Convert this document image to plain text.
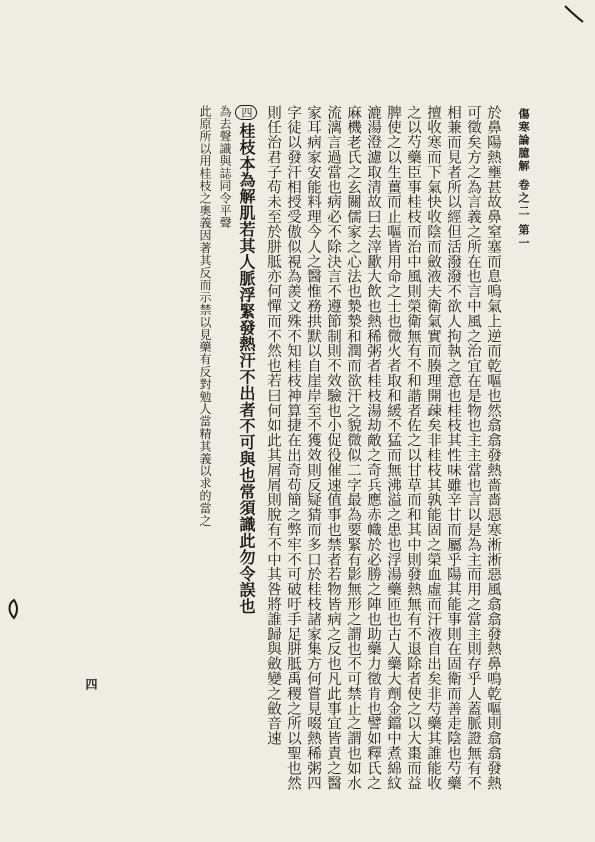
傷寒論臆解 卷之二 第一

於鼻陽熱壅甚故鼻窒塞而息鳴氣上逆而乾嘔也然翕翕發熱嗇嗇惡寒淅淅惡風翕翕發熱鼻鳴乾嘔則翕翕發熱可徵矣方之為言義之所在也言中風之治宜在是物也主主當也言以是為主而用之當主則存乎人蓋脈證無有不相兼而見者所以經但活潑潑不欲人拘執之意也桂枝其性味雖辛甘而屬乎陽其能事則在固衛而善走陰也芍藥擅收寒而下氣快收陰而斂液夫衛氣實而腠理開疎矣非桂枝其孰能固之榮血虛而汗液自出矣非芍藥其誰能收之以芍藥臣事桂枝而治中風則榮衛無有不和諧者佐之以甘草而和其中則發熱無有不退除者使之以大棗而益脾使之以生薑而止嘔皆用命之士也微火者取和緩不猛而無沸溢之患也浮湯藥匝也古人藥大劑金鐺中煮綿紋漉湯澄濾取清故曰去滓歠大飲也熱稀粥者桂枝湯劫敵之奇兵應赤幟於必勝之陣也助藥力徵肯也譬如釋氏之麻機老氏之玄關儒家之心法也漐漐和潤而欲汗之貌微似二字最為要緊有影無形之謂也不可禁止之謂也如水流漓言過當也病必不除決言不遵節制則不效驗也小促役催速值事也禁者若物皆病之反也凡此事宜皆責之醫家耳病家安能料理今人之醫惟務拱默以自崖岸至不獲效則反疑猜而多口於桂枝諸家集方何嘗見啜熱稀粥四字徒以發汗相授受傲似視為羨文殊不知桂枝神算捷在出奇苟簡之弊牢不可破吁手足胼胝禹稷之所以聖也然則任治君子苟未至於胼胝亦何憚而不然也若曰何如此其屑屑則脫有不中其咎將誰歸與斂變之斂音速

四桂枝本為解肌若其人脈浮緊發熱汗不出者不可與也常須識此勿令誤也

為去聲識與誌同令平聲

此原所以用桂枝之奧義因著其反而示禁以見藥有反對勉人當精其義以求的當之

四
